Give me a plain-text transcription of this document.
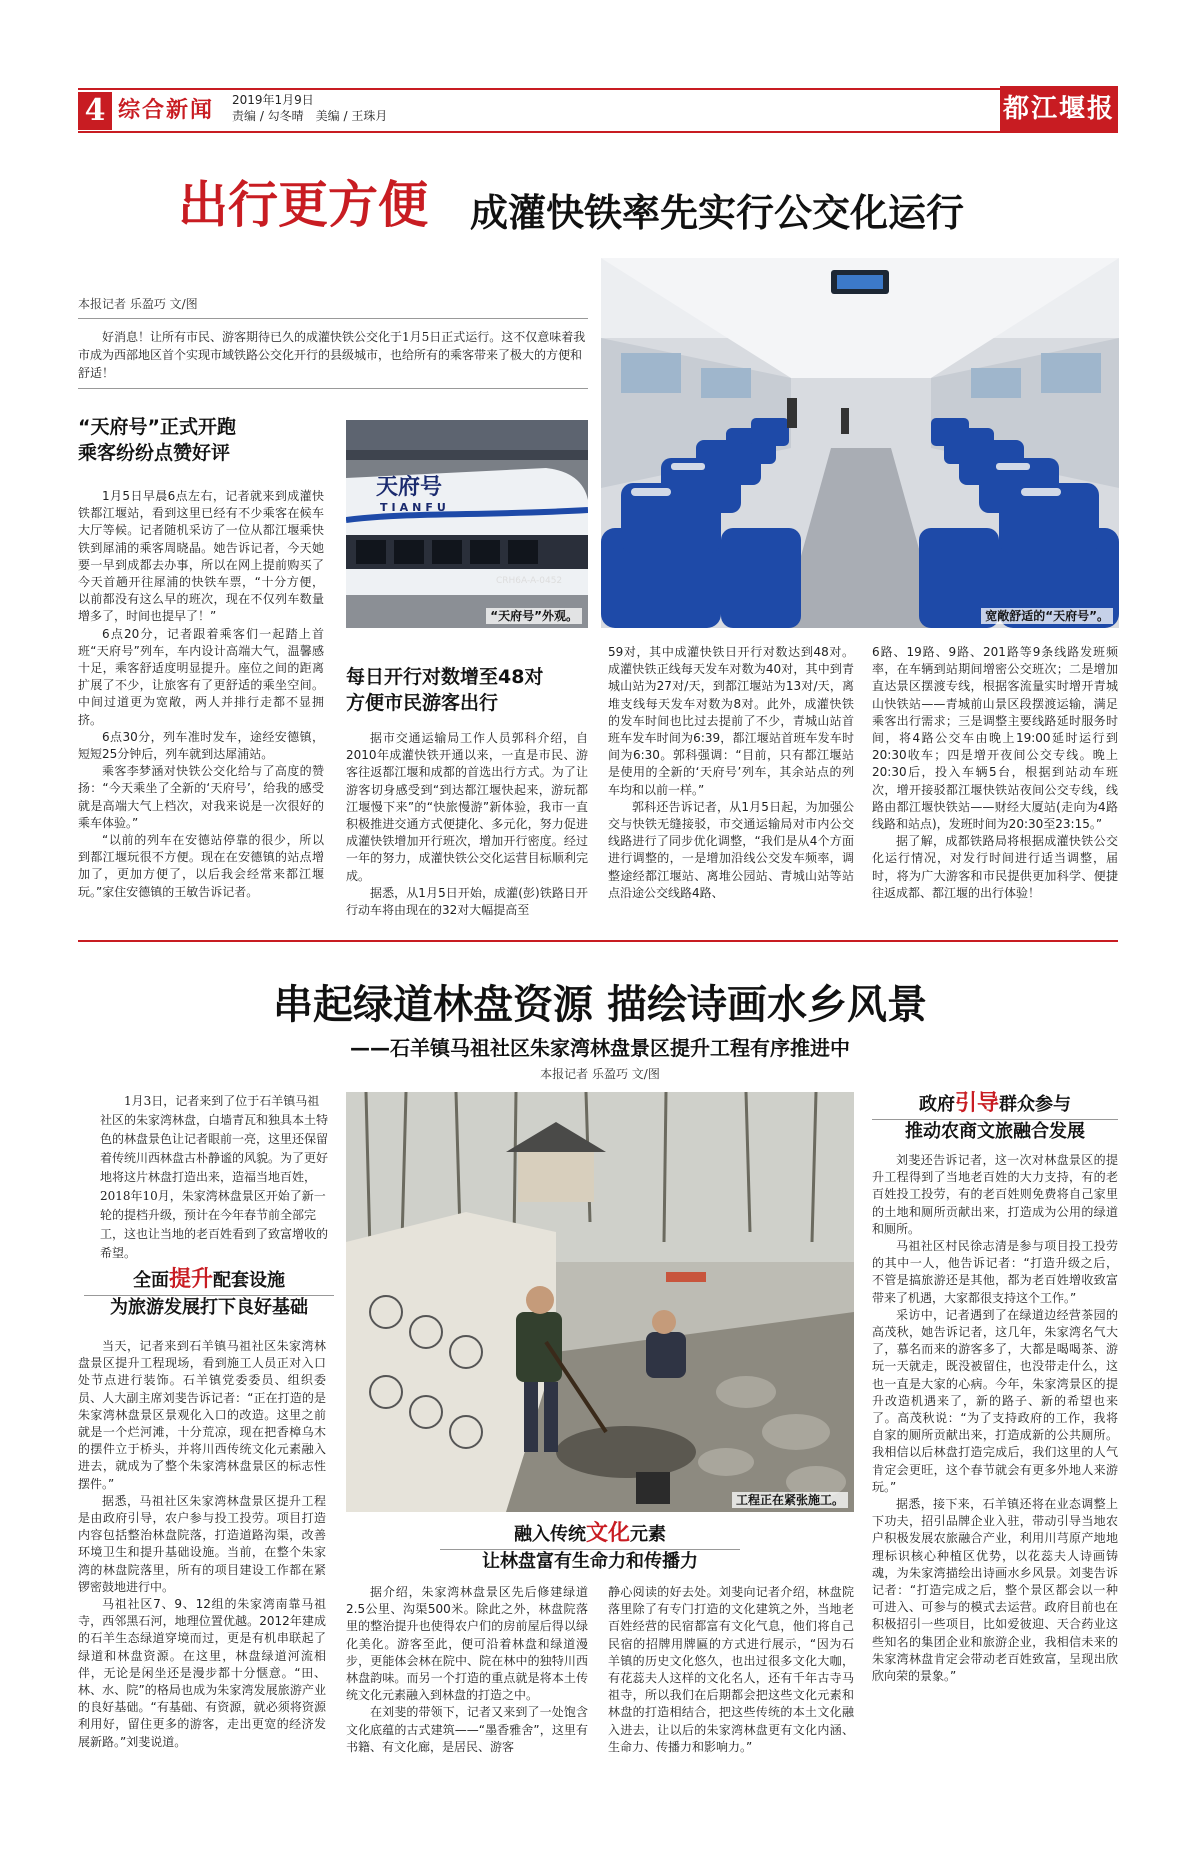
4 综合新闻 2019年1月9日
责编 / 勾冬晴　美编 / 王珠月	都江堰报
出行更方便 成灌快铁率先实行公交化运行
本报记者 乐盈巧 文/图

好消息！让所有市民、游客期待已久的成灌快铁公交化于1月5日正式运行。这不仅意味着我市成为西部地区首个实现市域铁路公交化开行的县级城市，也给所有的乘客带来了极大的方便和舒适！

“天府号”正式开跑
乘客纷纷点赞好评

1月5日早晨6点左右，记者就来到成灌快铁都江堰站，看到这里已经有不少乘客在候车大厅等候。记者随机采访了一位从都江堰乘快铁到犀浦的乘客周晓晶。她告诉记者，今天她要一早到成都去办事，所以在网上提前购买了今天首趟开往犀浦的快铁车票，“十分方便，以前都没有这么早的班次，现在不仅列车数量增多了，时间也提早了！”

6点20分，记者跟着乘客们一起踏上首班“天府号”列车，车内设计高端大气，温馨感十足，乘客舒适度明显提升。座位之间的距离扩展了不少，让旅客有了更舒适的乘坐空间。中间过道更为宽敞，两人并排行走都不显拥挤。

6点30分，列车准时发车，途经安德镇，短短25分钟后，列车就到达犀浦站。

乘客李梦涵对快铁公交化给与了高度的赞扬：“今天乘坐了全新的‘天府号’，给我的感受就是高端大气上档次，对我来说是一次很好的乘车体验。”

“以前的列车在安德站停靠的很少，所以到都江堰玩很不方便。现在在安德镇的站点增加了，更加方便了，以后我会经常来都江堰玩。”家住安德镇的王敏告诉记者。

天府号
TIANFU
CRH6A-A-0452
“天府号”外观。	宽敞舒适的“天府号”。
每日开行对数增至48对
方便市民游客出行

据市交通运输局工作人员郭科介绍，自2010年成灌快铁开通以来，一直是市民、游客往返都江堰和成都的首选出行方式。为了让游客切身感受到“到达都江堰快起来，游玩都江堰慢下来”的“快旅慢游”新体验，我市一直积极推进交通方式便捷化、多元化，努力促进成灌快铁增加开行班次，增加开行密度。经过一年的努力，成灌快铁公交化运营目标顺利完成。

据悉，从1月5日开始，成灌(彭)铁路日开行动车将由现在的32对大幅提高至

59对，其中成灌快铁日开行对数达到48对。成灌快铁正线每天发车对数为40对，其中到青城山站为27对/天，到都江堰站为13对/天，离堆支线每天发车对数为8对。此外，成灌快铁的发车时间也比过去提前了不少，青城山站首班车发车时间为6:39，都江堰站首班车发车时间为6:30。郭科强调：“目前，只有都江堰站是使用的全新的‘天府号’列车，其余站点的列车均和以前一样。”

郭科还告诉记者，从1月5日起，为加强公交与快铁无缝接驳，市交通运输局对市内公交线路进行了同步优化调整，“我们是从4个方面进行调整的，一是增加沿线公交发车频率，调整途经都江堰站、离堆公园站、青城山站等站点沿途公交线路4路、

6路、19路、9路、201路等9条线路发班频率，在车辆到站期间增密公交班次；二是增加直达景区摆渡专线，根据客流量实时增开青城山快铁站——青城前山景区段摆渡运输，满足乘客出行需求；三是调整主要线路延时服务时间，将4路公交车由晚上19:00延时运行到20:30收车；四是增开夜间公交专线。晚上20:30后，投入车辆5台，根据到站动车班次，增开接驳都江堰快铁站夜间公交专线，线路由都江堰快铁站——财经大厦站(走向为4路线路和站点)，发班时间为20:30至23:15。”

据了解，成都铁路局将根据成灌快铁公交化运行情况，对发行时间进行适当调整，届时，将为广大游客和市民提供更加科学、便捷往返成都、都江堰的出行体验！

串起绿道林盘资源 描绘诗画水乡风景
——石羊镇马祖社区朱家湾林盘景区提升工程有序推进中
本报记者 乐盈巧 文/图

1月3日，记者来到了位于石羊镇马祖社区的朱家湾林盘，白墙青瓦和独具本土特色的林盘景色让记者眼前一亮，这里还保留着传统川西林盘古朴静谧的风貌。为了更好地将这片林盘打造出来，造福当地百姓，2018年10月，朱家湾林盘景区开始了新一轮的提档升级，预计在今年春节前全部完工，这也让当地的老百姓看到了致富增收的希望。

全面提升配套设施
为旅游发展打下良好基础

当天，记者来到石羊镇马祖社区朱家湾林盘景区提升工程现场，看到施工人员正对入口处节点进行装饰。石羊镇党委委员、组织委员、人大副主席刘斐告诉记者：“正在打造的是朱家湾林盘景区景观化入口的改造。这里之前就是一个烂河滩，十分荒凉，现在把香樟乌木的摆件立于桥头，并将川西传统文化元素融入进去，就成为了整个朱家湾林盘景区的标志性摆件。”

据悉，马祖社区朱家湾林盘景区提升工程是由政府引导，农户参与投工投劳。项目打造内容包括整治林盘院落，打造道路沟渠，改善环境卫生和提升基础设施。当前，在整个朱家湾的林盘院落里，所有的项目建设工作都在紧锣密鼓地进行中。

马祖社区7、9、12组的朱家湾南靠马祖寺，西邻黑石河，地理位置优越。2012年建成的石羊生态绿道穿境而过，更是有机串联起了绿道和林盘资源。在这里，林盘绿道河流相伴，无论是闲坐还是漫步都十分惬意。“田、林、水、院”的格局也成为朱家湾发展旅游产业的良好基础。“有基础、有资源，就必须将资源利用好，留住更多的游客，走出更宽的经济发展新路。”刘斐说道。

工程正在紧张施工。
融入传统文化元素
让林盘富有生命力和传播力

据介绍，朱家湾林盘景区先后修建绿道2.5公里、沟渠500米。除此之外，林盘院落里的整治提升也使得农户们的房前屋后得以绿化美化。游客至此，便可沿着林盘和绿道漫步，更能体会林在院中、院在林中的独特川西林盘韵味。而另一个打造的重点就是将本土传统文化元素融入到林盘的打造之中。

在刘斐的带领下，记者又来到了一处饱含文化底蕴的古式建筑——“墨香雅舍”，这里有书籍、有文化廊，是居民、游客

静心阅读的好去处。刘斐向记者介绍，林盘院落里除了有专门打造的文化建筑之外，当地老百姓经营的民宿都富有文化气息，他们将自己民宿的招牌用牌匾的方式进行展示，“因为石羊镇的历史文化悠久，也出过很多文化大咖，有花蕊夫人这样的文化名人，还有千年古寺马祖寺，所以我们在后期都会把这些文化元素和林盘的打造相结合，把这些传统的本土文化融入进去，让以后的朱家湾林盘更有文化内涵、生命力、传播力和影响力。”

政府引导群众参与
推动农商文旅融合发展

刘斐还告诉记者，这一次对林盘景区的提升工程得到了当地老百姓的大力支持，有的老百姓投工投劳，有的老百姓则免费将自己家里的土地和厕所贡献出来，打造成为公用的绿道和厕所。

马祖社区村民徐志清是参与项目投工投劳的其中一人，他告诉记者：“打造升级之后，不管是搞旅游还是其他，都为老百姓增收致富带来了机遇，大家都很支持这个工作。”

采访中，记者遇到了在绿道边经营茶园的高茂秋，她告诉记者，这几年，朱家湾名气大了，慕名而来的游客多了，大都是喝喝茶、游玩一天就走，既没被留住，也没带走什么，这也一直是大家的心病。今年，朱家湾景区的提升改造机遇来了，新的路子、新的希望也来了。高茂秋说：“为了支持政府的工作，我将自家的厕所贡献出来，打造成新的公共厕所。我相信以后林盘打造完成后，我们这里的人气肯定会更旺，这个春节就会有更多外地人来游玩。”

据悉，接下来，石羊镇还将在业态调整上下功夫，招引品牌企业入驻，带动引导当地农户积极发展农旅融合产业，利用川芎原产地地理标识核心种植区优势，以花蕊夫人诗画铸魂，为朱家湾描绘出诗画水乡风景。刘斐告诉记者：“打造完成之后，整个景区都会以一种可进入、可参与的模式去运营。政府目前也在积极招引一些项目，比如爱彼迎、天合药业这些知名的集团企业和旅游企业，我相信未来的朱家湾林盘肯定会带动老百姓致富，呈现出欣欣向荣的景象。”
